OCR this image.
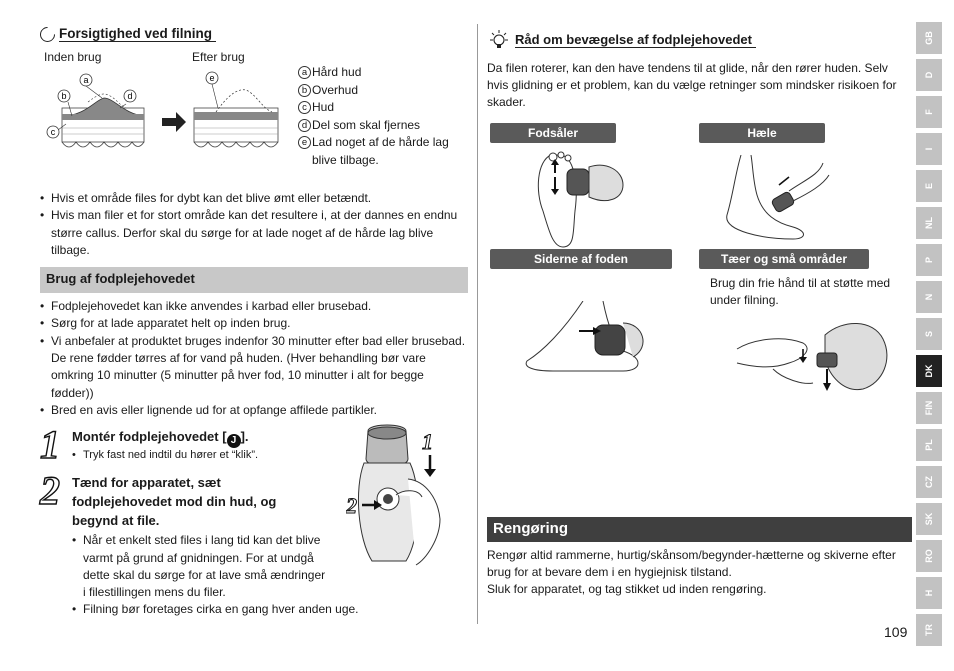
Forsigtighed ved filning
Inden brug	Efter brug
a
b
c
d
e	a Hård hud
b Overhud
c Hud
d Del som skal fjernes
e Lad noget af de hårde lag blive tilbage.
• Hvis et område files for dybt kan det blive ømt eller betændt.
• Hvis man filer et for stort område kan det resultere i, at der dannes en endnu større callus. Derfor skal du sørge for at lade noget af de hårde lag blive tilbage.
Brug af fodplejehovedet
• Fodplejehovedet kan ikke anvendes i karbad eller brusebad.
• Sørg for at lade apparatet helt op inden brug.
• Vi anbefaler at produktet bruges indenfor 30 minutter efter bad eller brusebad. De rene fødder tørres af for vand på huden. (Hver behandling bør vare omkring 10 minutter (5 minutter på hver fod, 10 minutter i alt for begge fødder))
• Bred en avis eller lignende ud for at opfange affilede partikler.
1 Montér fodplejehovedet [ J ].
• Tryk fast ned indtil du hører et “klik”.
2 Tænd for apparatet, sæt
fodplejehovedet mod din hud, og
begynd at file.
• Når et enkelt sted files i lang tid kan det blive varmt på grund af gnidningen. For at undgå dette skal du sørge for at lave små ændringer i filestillingen mens du filer.
• Filning bør foretages cirka en gang hver anden uge.
1
2
Råd om bevægelse af fodplejehovedet

Da filen roterer, kan den have tendens til at glide, når den rører huden. Selv hvis glidning er et problem, kan du vælge retninger som mindsker risikoen for skader.

Fodsåler	Hæle
Siderne af foden	Tæer og små områder
Brug din frie hånd til at støtte med under filning.
Rengøring

Rengør altid rammerne, hurtig/skånsom/begynder-hætterne og skiverne efter brug for at bevare dem i en hygiejnisk tilstand.

Sluk for apparatet, og tag stikket ud inden rengøring.

GB
D
F
I
E
NL
P
N
S
DK
FIN
PL
CZ
SK
RO
H
TR
109
